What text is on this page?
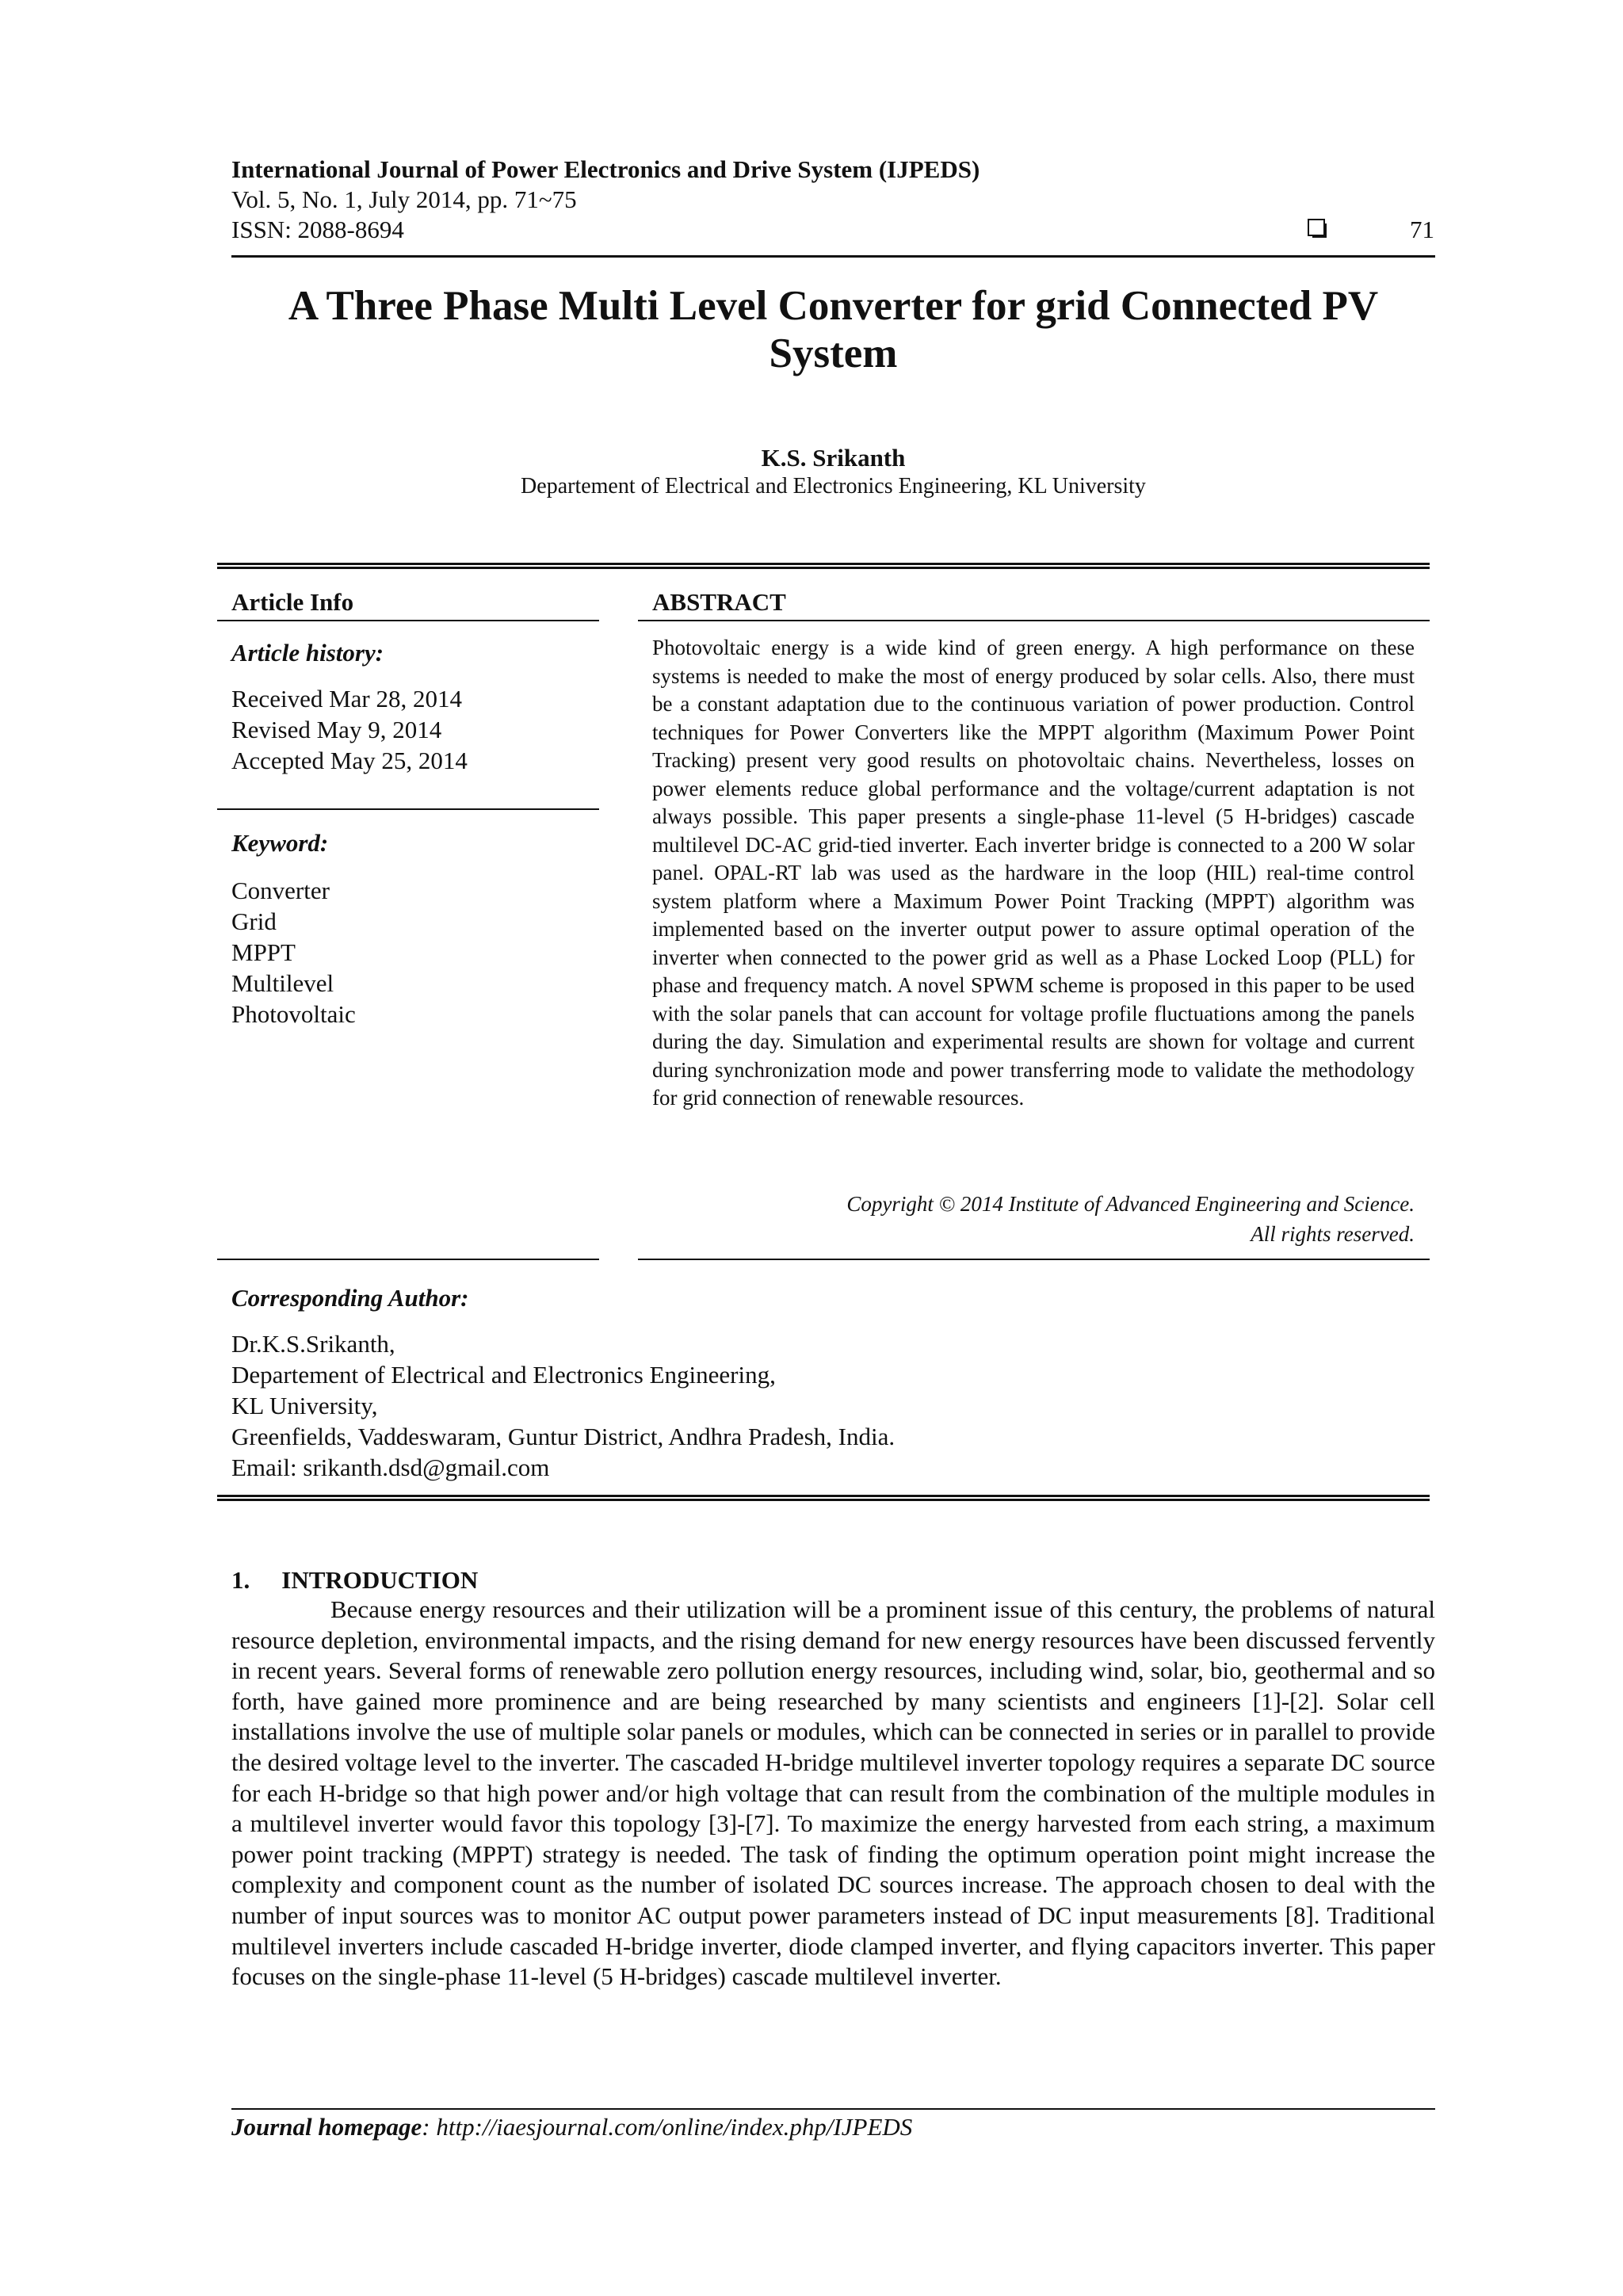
International Journal of Power Electronics and Drive System (IJPEDS)
Vol. 5, No. 1, July 2014, pp. 71~75
ISSN: 2088-8694	71
A Three Phase Multi Level Converter for grid Connected PV
System
K.S. Srikanth
Departement of Electrical and Electronics Engineering, KL University
Article Info
Article history:
Received Mar 28, 2014
Revised May 9, 2014
Accepted May 25, 2014
Keyword:
Converter
Grid
MPPT
Multilevel
Photovoltaic
ABSTRACT
Photovoltaic energy is a wide kind of green energy. A high performance on these systems is needed to make the most of energy produced by solar cells. Also, there must be a constant adaptation due to the continuous variation of power production. Control techniques for Power Converters like the MPPT algorithm (Maximum Power Point Tracking) present very good results on photovoltaic chains. Nevertheless, losses on power elements reduce global performance and the voltage/current adaptation is not always possible. This paper presents a single-phase 11-level (5 H-bridges) cascade multilevel DC-AC grid-tied inverter. Each inverter bridge is connected to a 200 W solar panel. OPAL-RT lab was used as the hardware in the loop (HIL) real-time control system platform where a Maximum Power Point Tracking (MPPT) algorithm was implemented based on the inverter output power to assure optimal operation of the inverter when connected to the power grid as well as a Phase Locked Loop (PLL) for phase and frequency match. A novel SPWM scheme is proposed in this paper to be used with the solar panels that can account for voltage profile fluctuations among the panels during the day. Simulation and experimental results are shown for voltage and current during synchronization mode and power transferring mode to validate the methodology for grid connection of renewable resources.
Copyright © 2014 Institute of Advanced Engineering and Science.
All rights reserved.
Corresponding Author:
Dr.K.S.Srikanth,
Departement of Electrical and Electronics Engineering,
KL University,
Greenfields, Vaddeswaram, Guntur District, Andhra Pradesh, India.
Email: srikanth.dsd@gmail.com
1. INTRODUCTION
Because energy resources and their utilization will be a prominent issue of this century, the problems of natural resource depletion, environmental impacts, and the rising demand for new energy resources have been discussed fervently in recent years. Several forms of renewable zero pollution energy resources, including wind, solar, bio, geothermal and so forth, have gained more prominence and are being researched by many scientists and engineers [1]-[2]. Solar cell installations involve the use of multiple solar panels or modules, which can be connected in series or in parallel to provide the desired voltage level to the inverter. The cascaded H-bridge multilevel inverter topology requires a separate DC source for each H-bridge so that high power and/or high voltage that can result from the combination of the multiple modules in a multilevel inverter would favor this topology [3]-[7]. To maximize the energy harvested from each string, a maximum power point tracking (MPPT) strategy is needed. The task of finding the optimum operation point might increase the complexity and component count as the number of isolated DC sources increase. The approach chosen to deal with the number of input sources was to monitor AC output power parameters instead of DC input measurements [8]. Traditional multilevel inverters include cascaded H-bridge inverter, diode clamped inverter, and flying capacitors inverter. This paper focuses on the single-phase 11-level (5 H-bridges) cascade multilevel inverter.
Journal homepage: http://iaesjournal.com/online/index.php/IJPEDS
